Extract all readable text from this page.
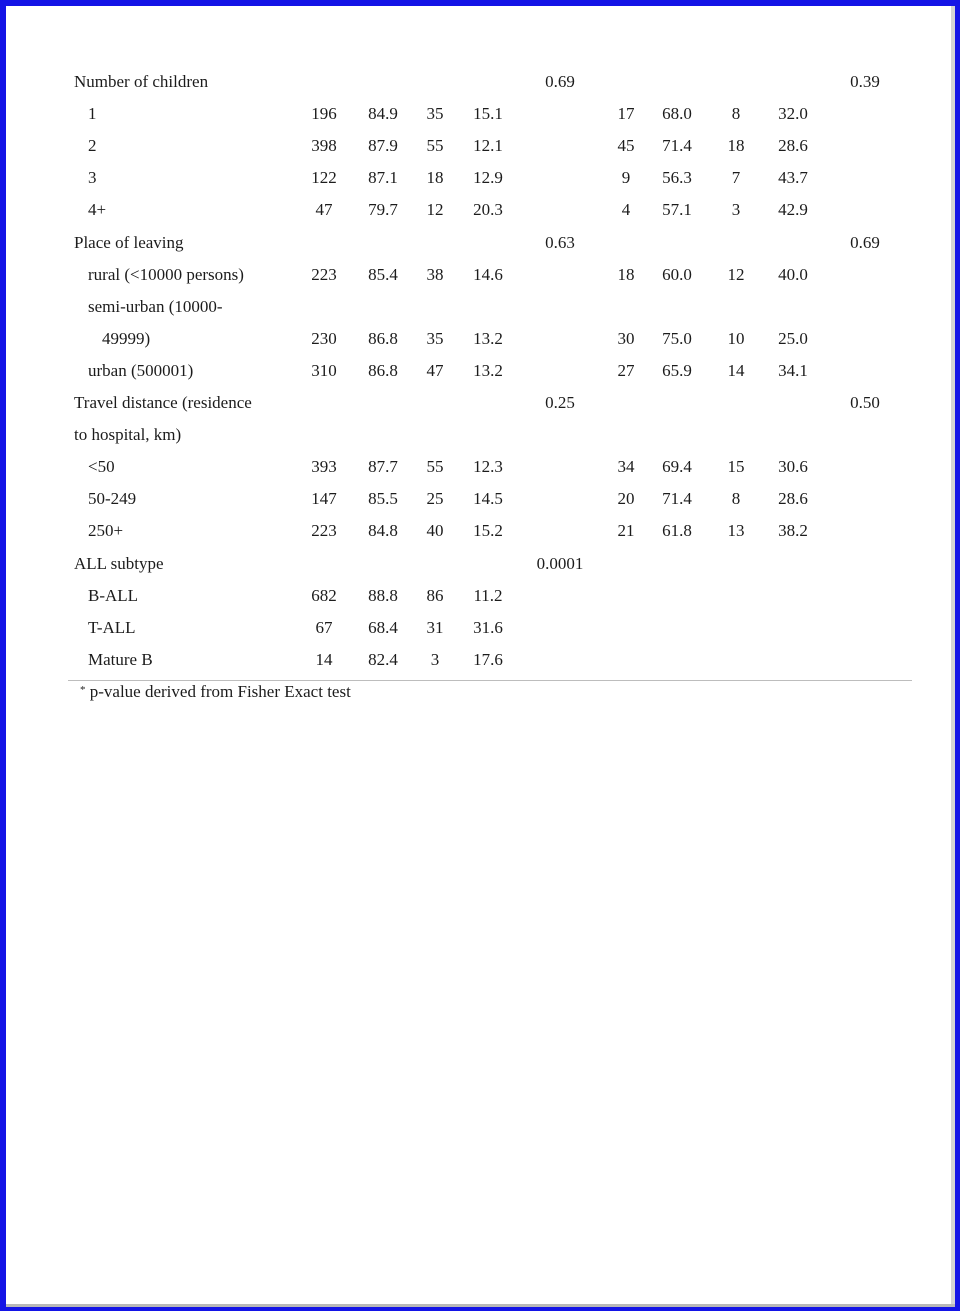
Number of children	0.69	0.39
1	196	84.9	35	15.1	17	68.0	8	32.0
2	398	87.9	55	12.1	45	71.4	18	28.6
3	122	87.1	18	12.9	9	56.3	7	43.7
4+	47	79.7	12	20.3	4	57.1	3	42.9
Place of leaving	0.63	0.69
rural (<10000 persons)	223	85.4	38	14.6	18	60.0	12	40.0
semi-urban (10000-
49999)	230	86.8	35	13.2	30	75.0	10	25.0
urban (500001)	310	86.8	47	13.2	27	65.9	14	34.1
Travel distance (residence	0.25	0.50
to hospital, km)
<50	393	87.7	55	12.3	34	69.4	15	30.6
50-249	147	85.5	25	14.5	20	71.4	8	28.6
250+	223	84.8	40	15.2	21	61.8	13	38.2
ALL subtype	0.0001
B-ALL	682	88.8	86	11.2
T-ALL	67	68.4	31	31.6
Mature B	14	82.4	3	17.6
* p-value derived from Fisher Exact test
